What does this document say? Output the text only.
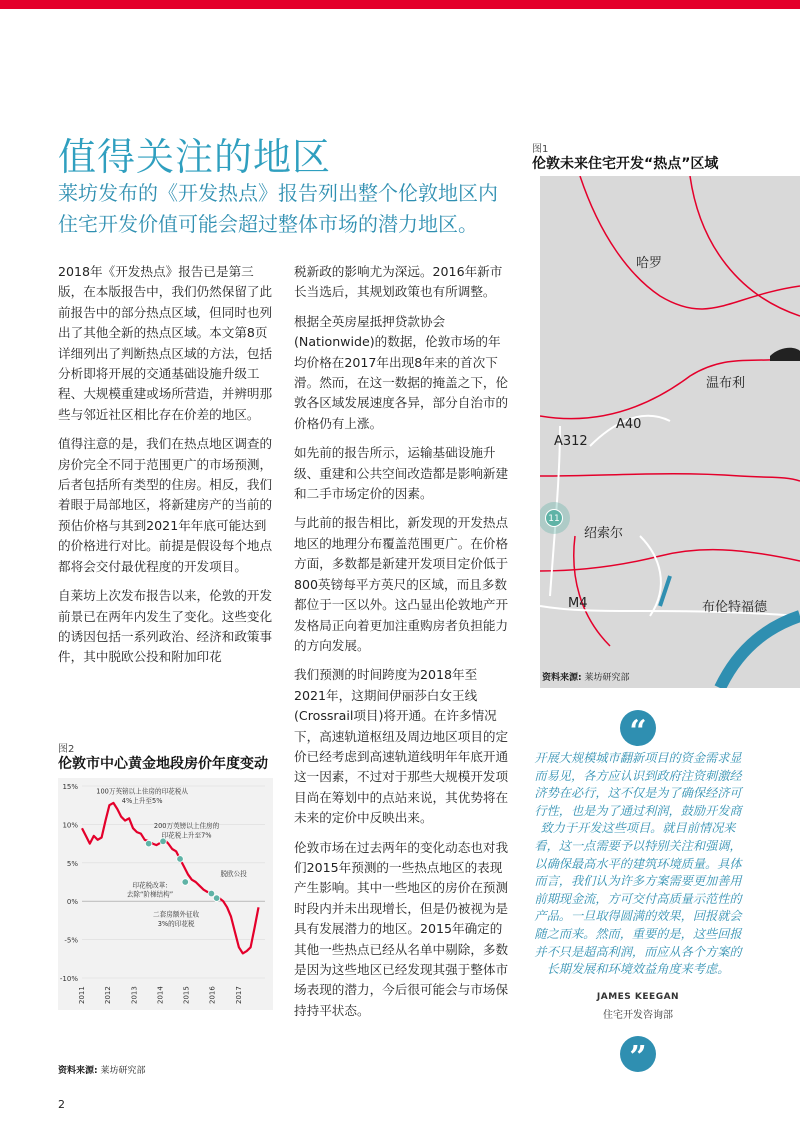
值得关注的地区
莱坊发布的《开发热点》报告列出整个伦敦地区内住宅开发价值可能会超过整体市场的潜力地区。

2018年《开发热点》报告已是第三版，在本版报告中，我们仍然保留了此前报告中的部分热点区域，但同时也列出了其他全新的热点区域。本文第8页详细列出了判断热点区域的方法，包括分析即将开展的交通基础设施升级工程、大规模重建或场所营造，并辨明那些与邻近社区相比存在价差的地区。

值得注意的是，我们在热点地区调查的房价完全不同于范围更广的市场预测，后者包括所有类型的住房。相反，我们着眼于局部地区，将新建房产的当前的预估价格与其到2021年年底可能达到的价格进行对比。前提是假设每个地点都将会交付最优程度的开发项目。

自莱坊上次发布报告以来，伦敦的开发前景已在两年内发生了变化。这些变化的诱因包括一系列政治、经济和政策事件，其中脱欧公投和附加印花

税新政的影响尤为深远。2016年新市长当选后，其规划政策也有所调整。

根据全英房屋抵押贷款协会(Nationwide)的数据，伦敦市场的年均价格在2017年出现8年来的首次下滑。然而，在这一数据的掩盖之下，伦敦各区域发展速度各异，部分自治市的价格仍有上涨。

如先前的报告所示，运输基础设施升级、重建和公共空间改造都是影响新建和二手市场定价的因素。

与此前的报告相比，新发现的开发热点地区的地理分布覆盖范围更广。在价格方面，多数都是新建开发项目定价低于800英镑每平方英尺的区域，而且多数都位于一区以外。这凸显出伦敦地产开发格局正向着更加注重购房者负担能力的方向发展。

我们预测的时间跨度为2018年至2021年，这期间伊丽莎白女王线(Crossrail项目)将开通。在许多情况下，高速轨道枢纽及周边地区项目的定价已经考虑到高速轨道线明年年底开通这一因素，不过对于那些大规模开发项目尚在筹划中的点站来说，其优势将在未来的定价中反映出来。

伦敦市场在过去两年的变化动态也对我们2015年预测的一些热点地区的表现产生影响。其中一些地区的房价在预测时段内并未出现增长，但是仍被视为是具有发展潜力的地区。2015年确定的其他一些热点已经从名单中剔除，多数是因为这些地区已经发现其强于整体市场表现的潜力，今后很可能会与市场保持持平状态。

图2
伦敦市中心黄金地段房价年度变动
100万英镑以上住房的印花税从
4%上升至5%
200万英镑以上住房的
印花税上升至7%
脱欧公投
印花税改革:
去除“阶梯结构”
二套房额外征收
3%的印花税
15%
10%
5%
0%
-5%
-10%
2011	2012	2013	2014	2015	2016	2017
资料来源: 莱坊研究部
图1
伦敦未来住宅开发“热点”区域
哈罗
温布利
A40
A312
绍索尔
M4	布伦特福德
11
资料来源: 莱坊研究部
“
开展大规模城市翻新项目的资金需求显而易见，各方应认识到政府注资刺激经济势在必行，这不仅是为了确保经济可行性，也是为了通过利润，鼓励开发商致力于开发这些项目。就目前情况来看，这一点需要予以特别关注和强调，以确保最高水平的建筑环境质量。具体而言，我们认为许多方案需要更加善用前期现金流，方可交付高质量示范性的产品。一旦取得圆满的效果，回报就会随之而来。然而，重要的是，这些回报并不只是超高利润，而应从各个方案的长期发展和环境效益角度来考虑。
JAMES KEEGAN
住宅开发咨询部
”
2
